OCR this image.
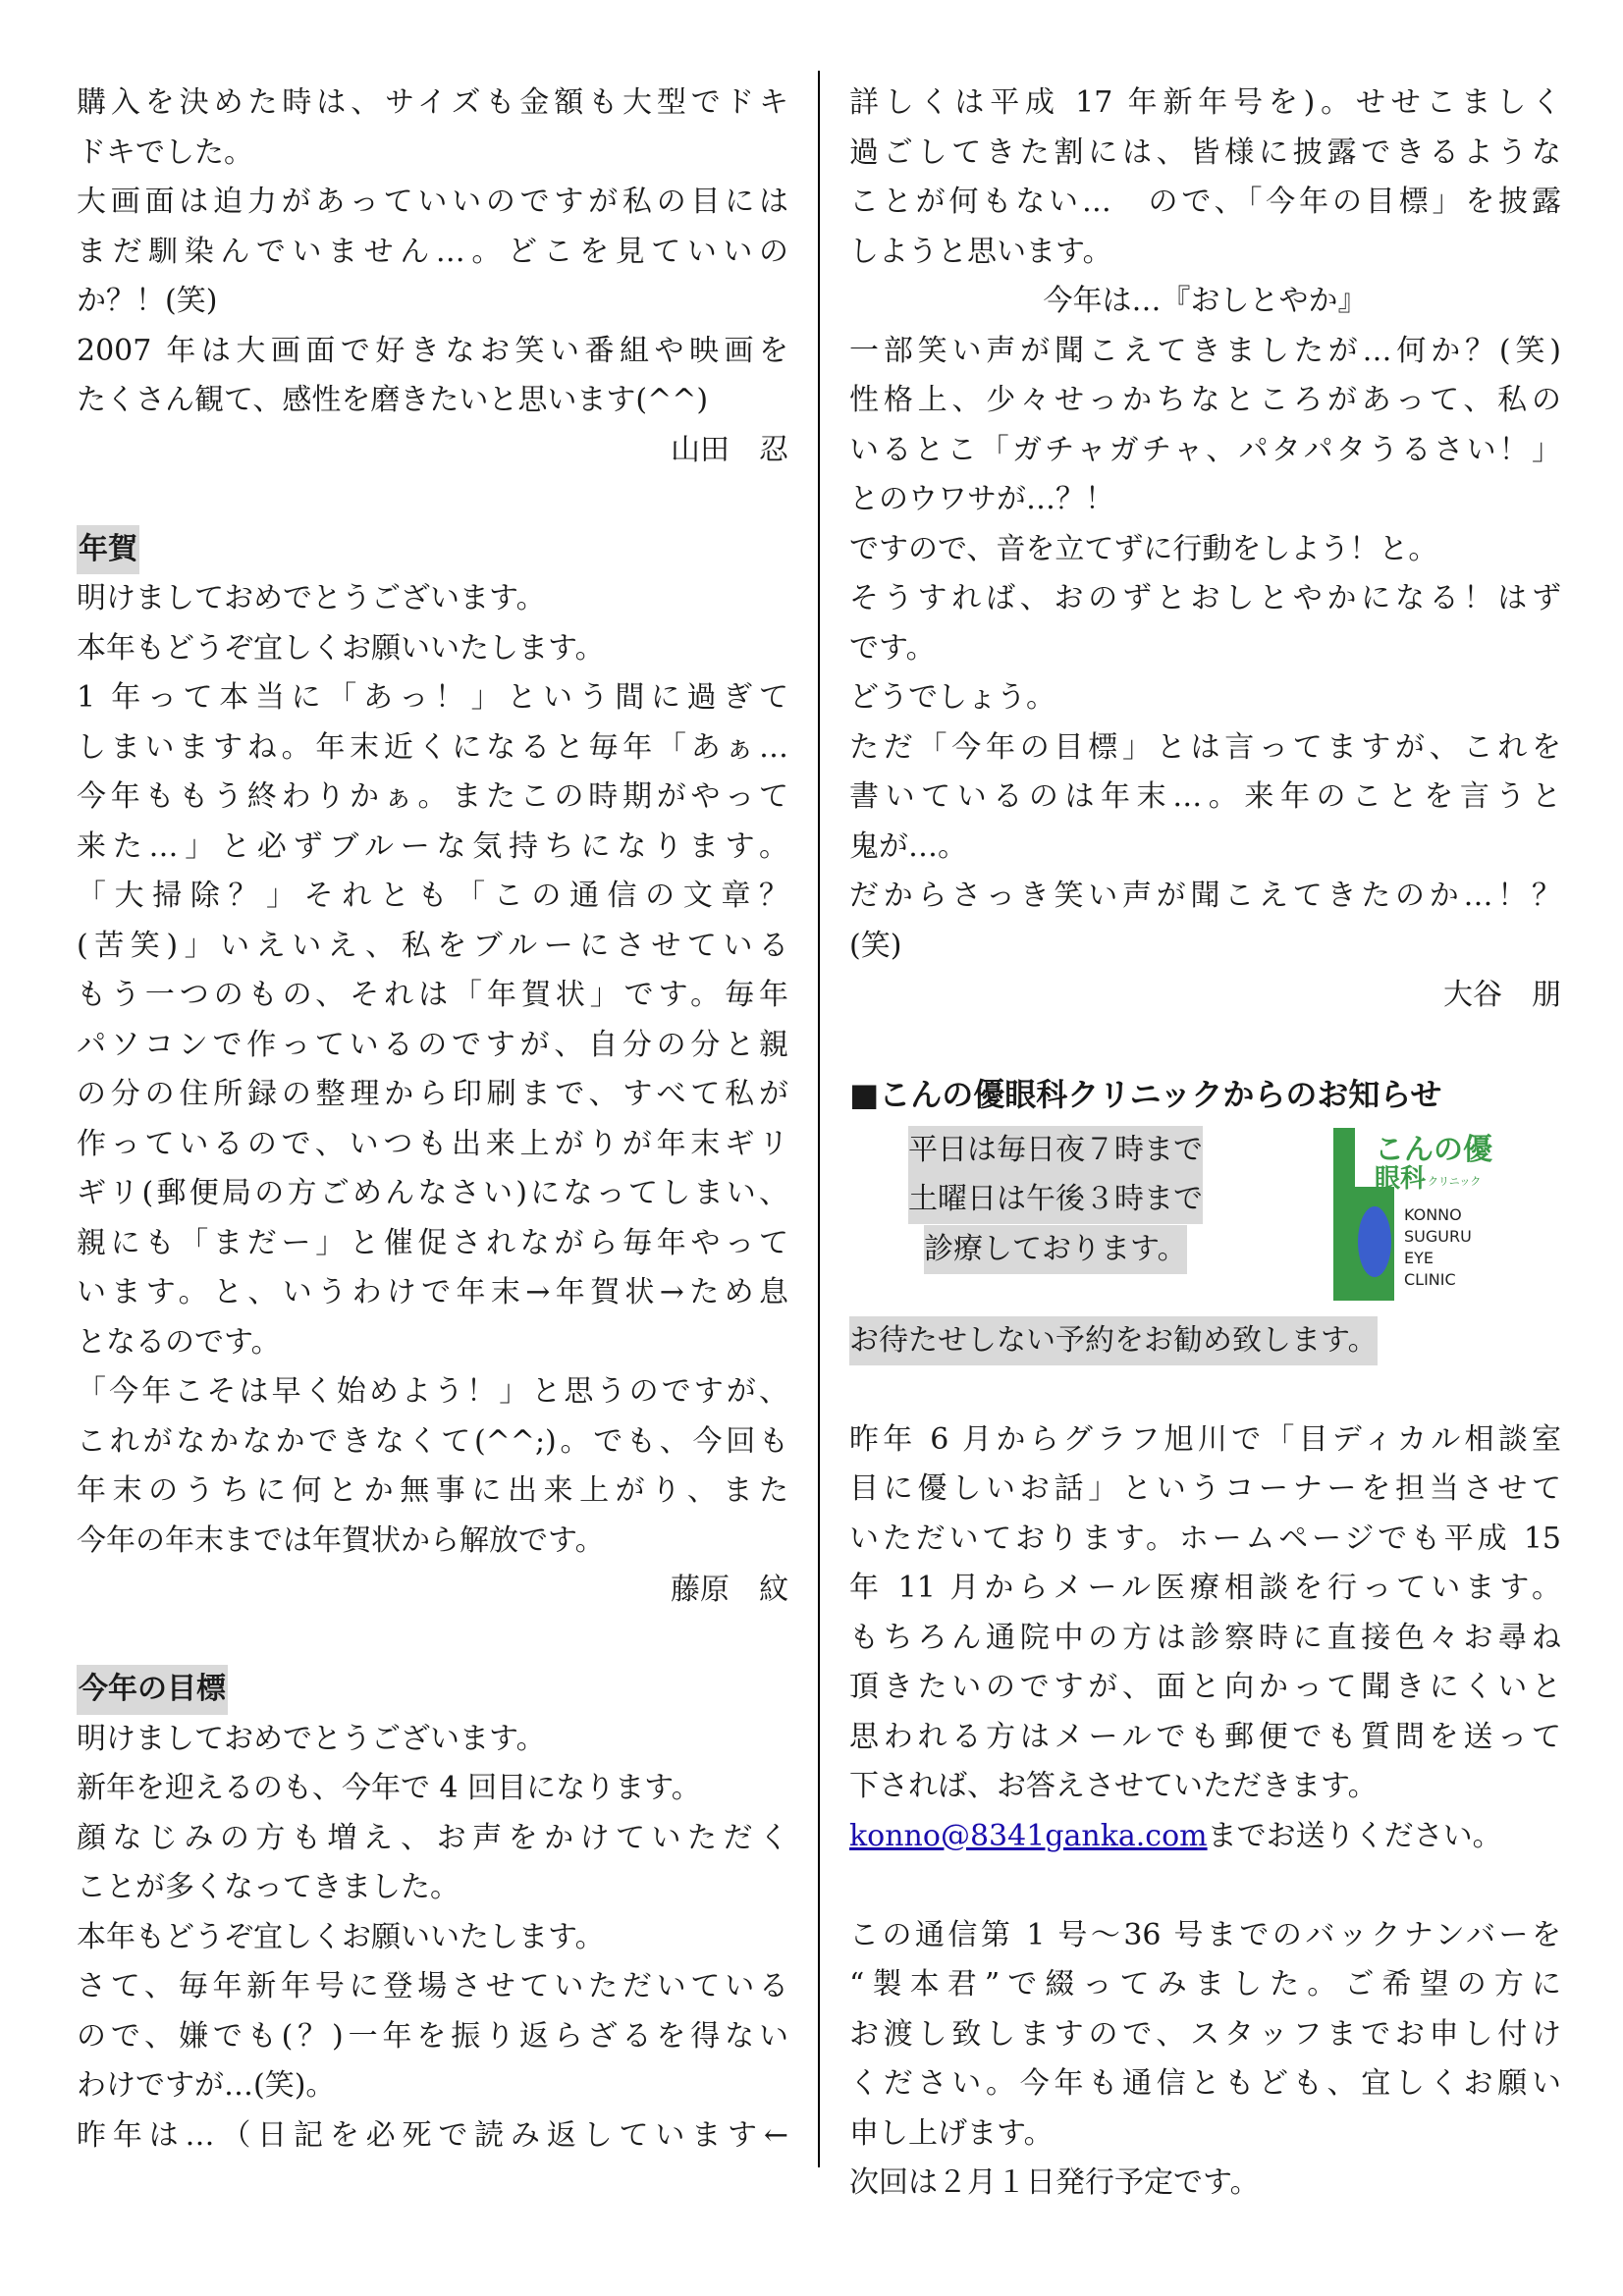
購入を決めた時は、サイズも金額も大型でドキ
ドキでした。
大画面は迫力があっていいのですが私の目には
まだ馴染んでいません…。どこを見ていいの
か？！(笑)
2007 年は大画面で好きなお笑い番組や映画を
たくさん観て、感性を磨きたいと思います(^^)
山田　忍
年賀
明けましておめでとうございます。
本年もどうぞ宜しくお願いいたします。
1 年って本当に「あっ！」という間に過ぎて
しまいますね。年末近くになると毎年「あぁ…
今年ももう終わりかぁ。またこの時期がやって
来た…」と必ずブルーな気持ちになります。
「大掃除？」それとも「この通信の文章？
(苦笑)」いえいえ、私をブルーにさせている
もう一つのもの、それは「年賀状」です。毎年
パソコンで作っているのですが、自分の分と親
の分の住所録の整理から印刷まで、すべて私が
作っているので、いつも出来上がりが年末ギリ
ギリ(郵便局の方ごめんなさい)になってしまい、
親にも「まだー」と催促されながら毎年やって
います。と、いうわけで年末→年賀状→ため息
となるのです。
「今年こそは早く始めよう！」と思うのですが、
これがなかなかできなくて(^^;)。でも、今回も
年末のうちに何とか無事に出来上がり、また
今年の年末までは年賀状から解放です。
藤原　紋
今年の目標
明けましておめでとうございます。
新年を迎えるのも、今年で 4 回目になります。
顔なじみの方も増え、お声をかけていただく
ことが多くなってきました。
本年もどうぞ宜しくお願いいたします。
さて、毎年新年号に登場させていただいている
ので、嫌でも(？)一年を振り返らざるを得ない
わけですが…(笑)。
昨年は…（日記を必死で読み返しています←
詳しくは平成 17 年新年号を)。せせこましく
過ごしてきた割には、皆様に披露できるような
ことが何もない…　ので、「今年の目標」を披露
しようと思います。
今年は…『おしとやか』
一部笑い声が聞こえてきましたが…何か？(笑)
性格上、少々せっかちなところがあって、私の
いるとこ「ガチャガチャ、パタパタうるさい！」
とのウワサが…？！
ですので、音を立てずに行動をしよう！と。
そうすれば、おのずとおしとやかになる！はず
です。
どうでしょう。
ただ「今年の目標」とは言ってますが、これを
書いているのは年末…。来年のことを言うと
鬼が…。
だからさっき笑い声が聞こえてきたのか…！？
(笑)
大谷　朋
■こんの優眼科クリニックからのお知らせ
平日は毎日夜７時まで
土曜日は午後３時まで
診療しております。
こんの優
眼科 クリニック
KONNO
SUGURU
EYE
CLINIC
お待たせしない予約をお勧め致します。
昨年 6 月からグラフ旭川で「目ディカル相談室
目に優しいお話」というコーナーを担当させて
いただいております。ホームページでも平成 15
年 11 月からメール医療相談を行っています。
もちろん通院中の方は診察時に直接色々お尋ね
頂きたいのですが、面と向かって聞きにくいと
思われる方はメールでも郵便でも質問を送って
下されば、お答えさせていただきます。
konno@8341ganka.comまでお送りください。
この通信第 1 号～36 号までのバックナンバーを
“製本君”で綴ってみました。ご希望の方に
お渡し致しますので、スタッフまでお申し付け
ください。今年も通信ともども、宜しくお願い
申し上げます。
次回は２月１日発行予定です。
